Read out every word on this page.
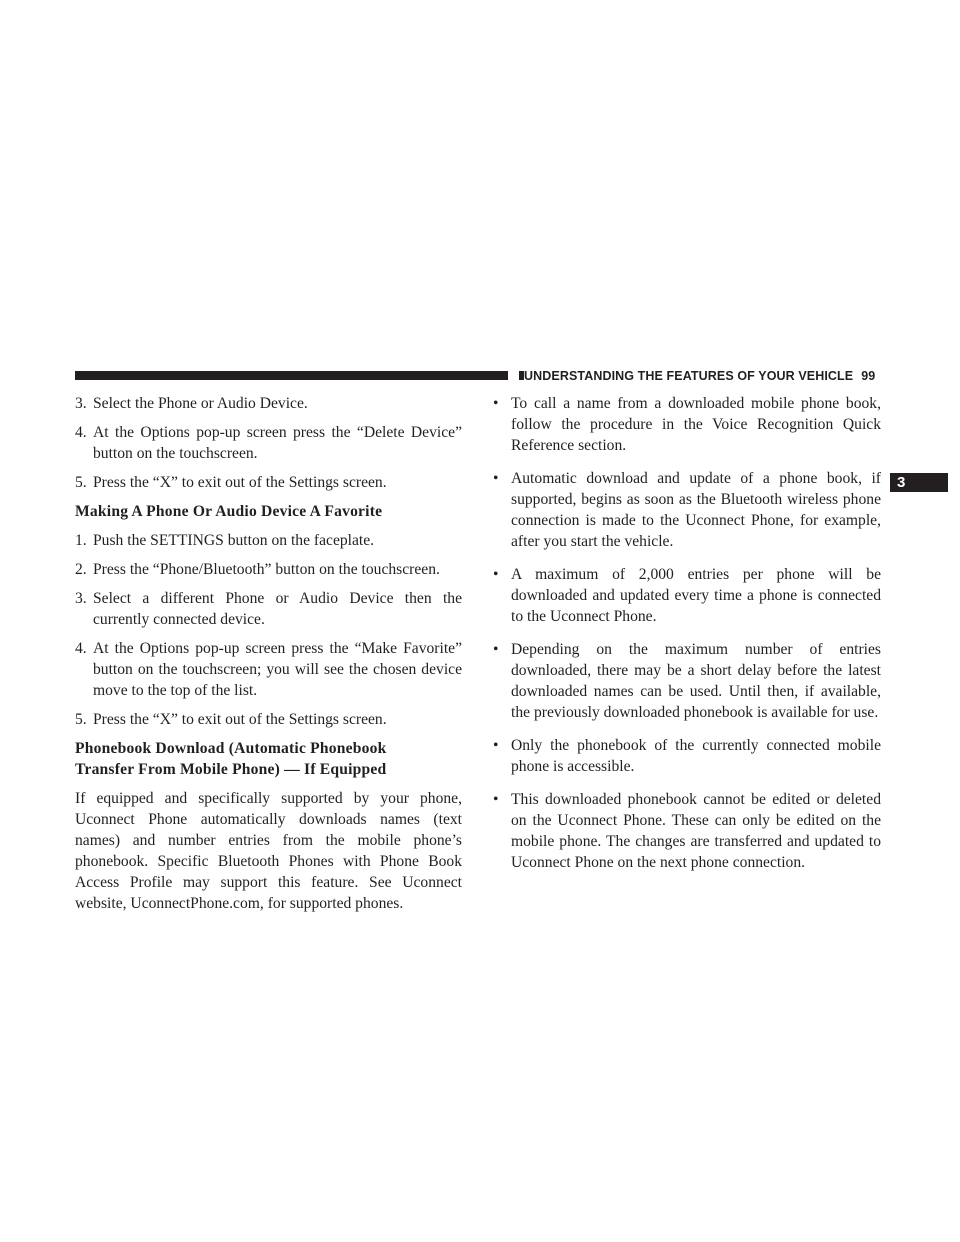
UNDERSTANDING THE FEATURES OF YOUR VEHICLE 99
3
3. Select the Phone or Audio Device.
4. At the Options pop-up screen press the “Delete Device” button on the touchscreen.
5. Press the “X” to exit out of the Settings screen.
Making A Phone Or Audio Device A Favorite
1. Push the SETTINGS button on the faceplate.
2. Press the “Phone/Bluetooth” button on the touchscreen.
3. Select a different Phone or Audio Device then the currently connected device.
4. At the Options pop-up screen press the “Make Favorite” button on the touchscreen; you will see the chosen device move to the top of the list.
5. Press the “X” to exit out of the Settings screen.
Phonebook Download (Automatic Phonebook
Transfer From Mobile Phone) — If Equipped

If equipped and specifically supported by your phone, Uconnect Phone automatically downloads names (text names) and number entries from the mobile phone’s phonebook. Specific Bluetooth Phones with Phone Book Access Profile may support this feature. See Uconnect website, UconnectPhone.com, for supported phones.

• To call a name from a downloaded mobile phone book, follow the procedure in the Voice Recognition Quick Reference section.
• Automatic download and update of a phone book, if supported, begins as soon as the Bluetooth wireless phone connection is made to the Uconnect Phone, for example, after you start the vehicle.
• A maximum of 2,000 entries per phone will be downloaded and updated every time a phone is connected to the Uconnect Phone.
• Depending on the maximum number of entries downloaded, there may be a short delay before the latest downloaded names can be used. Until then, if available, the previously downloaded phonebook is available for use.
• Only the phonebook of the currently connected mobile phone is accessible.
• This downloaded phonebook cannot be edited or deleted on the Uconnect Phone. These can only be edited on the mobile phone. The changes are transferred and updated to Uconnect Phone on the next phone connection.
